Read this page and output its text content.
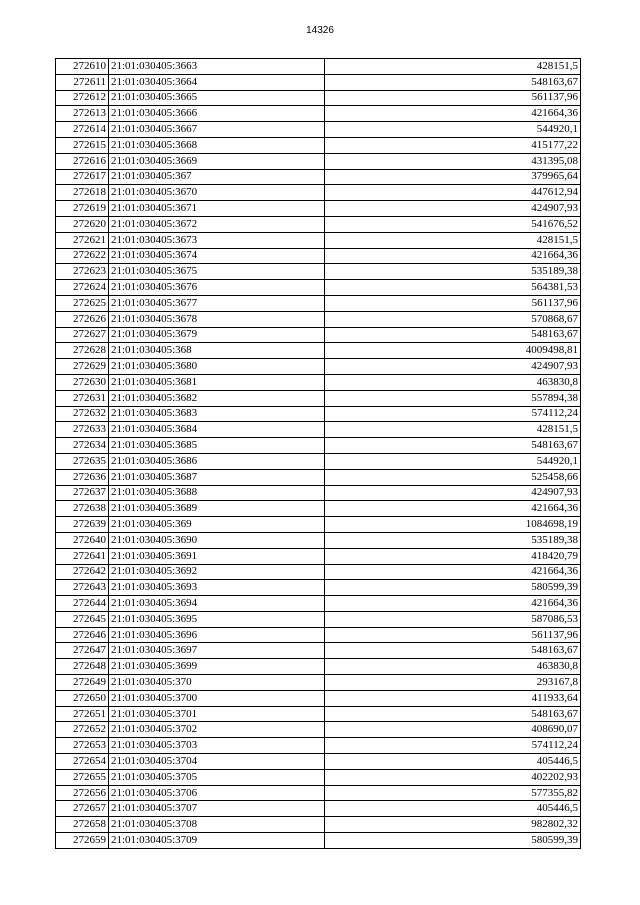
14326
272610	21:01:030405:3663	428151,5
272611	21:01:030405:3664	548163,67
272612	21:01:030405:3665	561137,96
272613	21:01:030405:3666	421664,36
272614	21:01:030405:3667	544920,1
272615	21:01:030405:3668	415177,22
272616	21:01:030405:3669	431395,08
272617	21:01:030405:367	379965,64
272618	21:01:030405:3670	447612,94
272619	21:01:030405:3671	424907,93
272620	21:01:030405:3672	541676,52
272621	21:01:030405:3673	428151,5
272622	21:01:030405:3674	421664,36
272623	21:01:030405:3675	535189,38
272624	21:01:030405:3676	564381,53
272625	21:01:030405:3677	561137,96
272626	21:01:030405:3678	570868,67
272627	21:01:030405:3679	548163,67
272628	21:01:030405:368	4009498,81
272629	21:01:030405:3680	424907,93
272630	21:01:030405:3681	463830,8
272631	21:01:030405:3682	557894,38
272632	21:01:030405:3683	574112,24
272633	21:01:030405:3684	428151,5
272634	21:01:030405:3685	548163,67
272635	21:01:030405:3686	544920,1
272636	21:01:030405:3687	525458,66
272637	21:01:030405:3688	424907,93
272638	21:01:030405:3689	421664,36
272639	21:01:030405:369	1084698,19
272640	21:01:030405:3690	535189,38
272641	21:01:030405:3691	418420,79
272642	21:01:030405:3692	421664,36
272643	21:01:030405:3693	580599,39
272644	21:01:030405:3694	421664,36
272645	21:01:030405:3695	587086,53
272646	21:01:030405:3696	561137,96
272647	21:01:030405:3697	548163,67
272648	21:01:030405:3699	463830,8
272649	21:01:030405:370	293167,8
272650	21:01:030405:3700	411933,64
272651	21:01:030405:3701	548163,67
272652	21:01:030405:3702	408690,07
272653	21:01:030405:3703	574112,24
272654	21:01:030405:3704	405446,5
272655	21:01:030405:3705	402202,93
272656	21:01:030405:3706	577355,82
272657	21:01:030405:3707	405446,5
272658	21:01:030405:3708	982802,32
272659	21:01:030405:3709	580599,39
